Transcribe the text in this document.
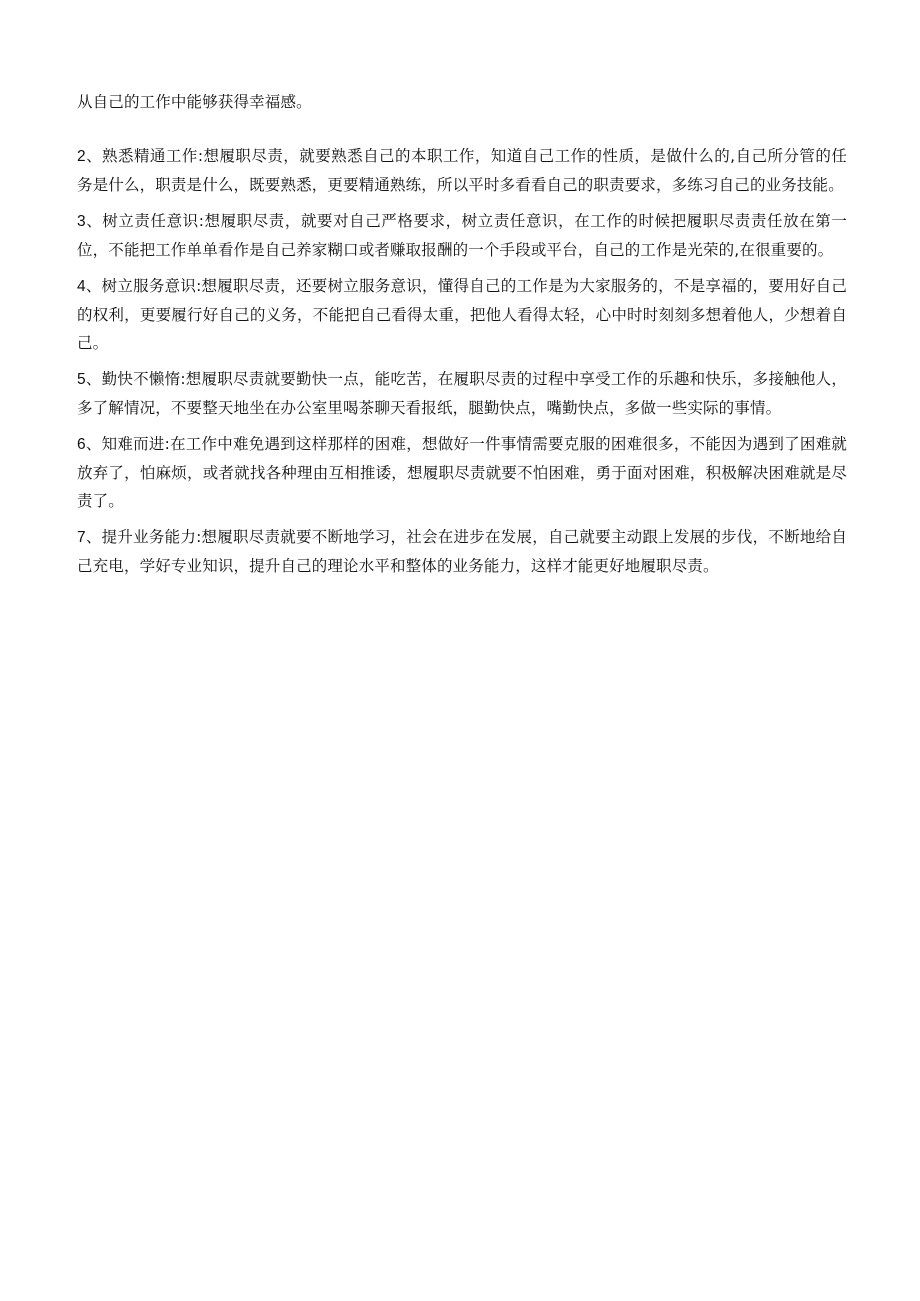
从自己的工作中能够获得幸福感。

2、熟悉精通工作:想履职尽责，就要熟悉自己的本职工作，知道自己工作的性质，是做什么的,自己所分管的任务是什么，职责是什么，既要熟悉，更要精通熟练，所以平时多看看自己的职责要求，多练习自己的业务技能。

3、树立责任意识:想履职尽责，就要对自己严格要求，树立责任意识，在工作的时候把履职尽责责任放在第一位，不能把工作单单看作是自己养家糊口或者赚取报酬的一个手段或平台，自己的工作是光荣的,在很重要的。

4、树立服务意识:想履职尽责，还要树立服务意识，懂得自己的工作是为大家服务的，不是享福的，要用好自己的权利，更要履行好自己的义务，不能把自己看得太重，把他人看得太轻，心中时时刻刻多想着他人，少想着自己。

5、勤快不懒惰:想履职尽责就要勤快一点，能吃苦，在履职尽责的过程中享受工作的乐趣和快乐，多接触他人，多了解情况，不要整天地坐在办公室里喝茶聊天看报纸，腿勤快点，嘴勤快点，多做一些实际的事情。

6、知难而进:在工作中难免遇到这样那样的困难，想做好一件事情需要克服的困难很多，不能因为遇到了困难就放弃了，怕麻烦，或者就找各种理由互相推诿，想履职尽责就要不怕困难，勇于面对困难，积极解决困难就是尽责了。

7、提升业务能力:想履职尽责就要不断地学习，社会在进步在发展，自己就要主动跟上发展的步伐，不断地给自己充电，学好专业知识，提升自己的理论水平和整体的业务能力，这样才能更好地履职尽责。
